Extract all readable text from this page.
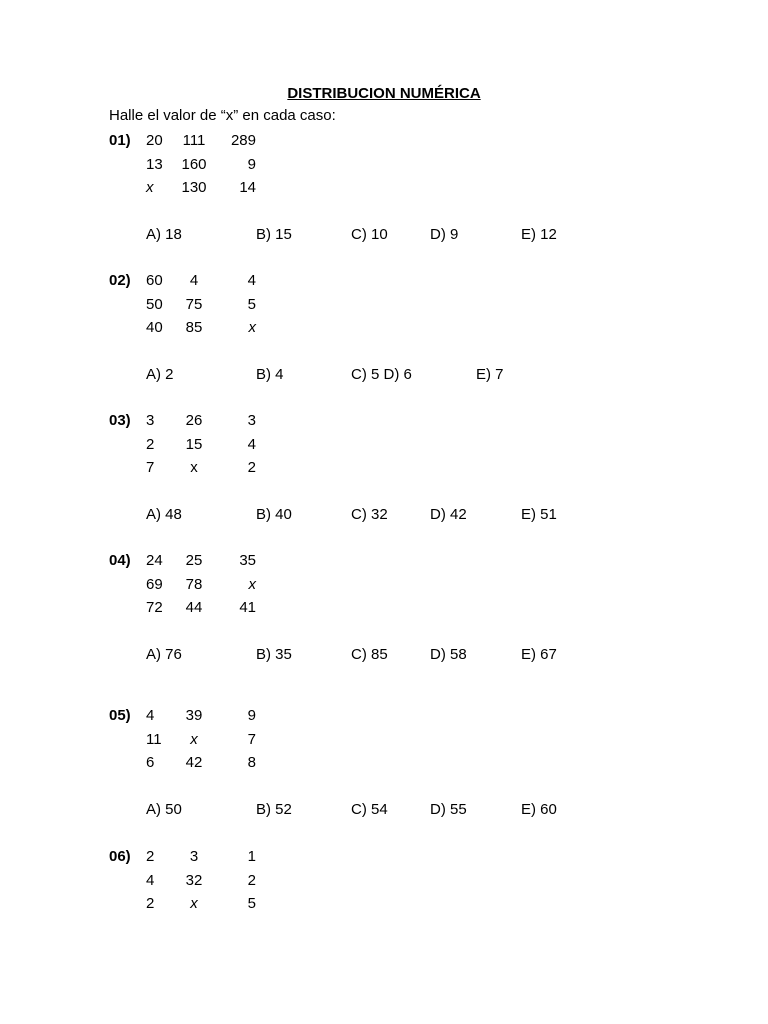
DISTRIBUCION NUMÉRICA
Halle el valor de “x” en cada caso:
01) 20	111	289
13	160	9
x	130	14
A) 18	B) 15	C) 10	D) 9	E) 12
02) 60	4	4
50	75	5
40	85	x
A) 2	B) 4	C) 5 D) 6	E) 7
03) 3	26	3
2	15	4
7	x	2
A) 48	B) 40	C) 32	D) 42	E) 51
04) 24	25	35
69	78	x
72	44	41
A) 76	B) 35	C) 85	D) 58	E) 67
05) 4	39	9
11	x	7
6	42	8
A) 50	B) 52	C) 54	D) 55	E) 60
06) 2	3	1
4	32	2
2	x	5
